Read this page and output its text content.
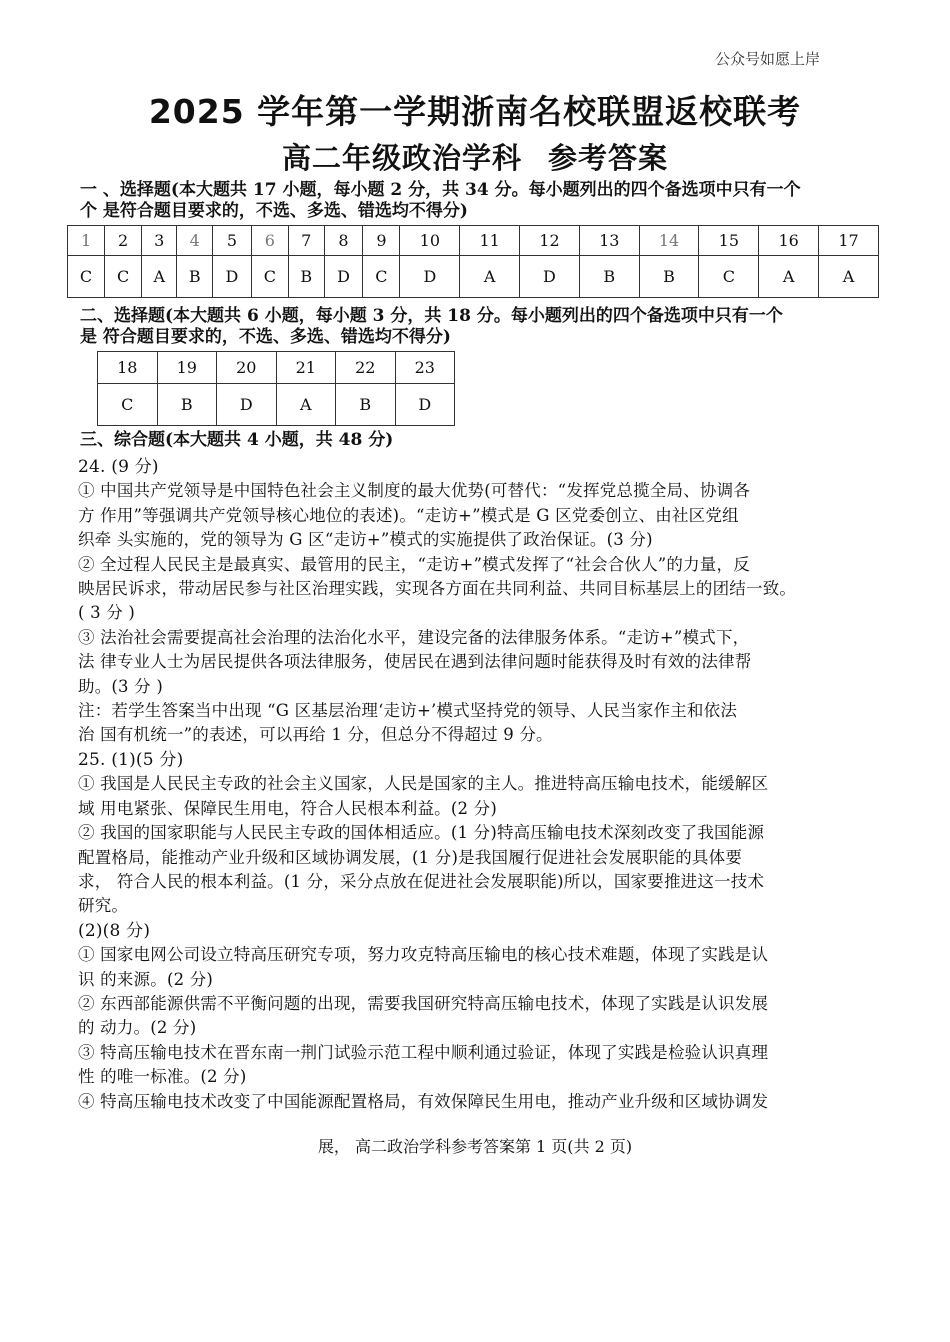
公众号如愿上岸
2025 学年第一学期浙南名校联盟返校联考
高二年级政治学科 参考答案
一 、选择题(本大题共 17 小题，每小题 2 分，共 34 分。每小题列出的四个备选项中只有一个
个 是符合题目要求的，不选、多选、错选均不得分)
1	2	3	4	5	6	7	8	9	10	11	12	13	14	15	16	17
C	C	A	B	D	C	B	D	C	D	A	D	B	B	C	A	A
二、选择题(本大题共 6 小题，每小题 3 分，共 18 分。每小题列出的四个备选项中只有一个
是 符合题目要求的，不选、多选、错选均不得分)
18	19	20	21	22	23
C	B	D	A	B	D
三、综合题(本大题共 4 小题，共 48 分)

24. (9 分)

① 中国共产党领导是中国特色社会主义制度的最大优势(可替代：“发挥党总揽全局、协调各

方 作用”等强调共产党领导核心地位的表述)。“走访+”模式是 G 区党委创立、由社区党组

织牵 头实施的，党的领导为 G 区“走访+”模式的实施提供了政治保证。(3 分)

② 全过程人民民主是最真实、最管用的民主，“走访+”模式发挥了“社会合伙人”的力量，反

映居民诉求，带动居民参与社区治理实践，实现各方面在共同利益、共同目标基层上的团结一致。

( 3 分 )

③ 法治社会需要提高社会治理的法治化水平，建设完备的法律服务体系。“走访+”模式下，

法 律专业人士为居民提供各项法律服务，使居民在遇到法律问题时能获得及时有效的法律帮

助。(3 分 )

注：若学生答案当中出现 “G 区基层治理‘走访+’模式坚持党的领导、人民当家作主和依法

治 国有机统一”的表述，可以再给 1 分，但总分不得超过 9 分。

25. (1)(5 分)

① 我国是人民民主专政的社会主义国家，人民是国家的主人。推进特高压输电技术，能缓解区

域 用电紧张、保障民生用电，符合人民根本利益。(2 分)

② 我国的国家职能与人民民主专政的国体相适应。(1 分)特高压输电技术深刻改变了我国能源

配置格局，能推动产业升级和区域协调发展，(1 分)是我国履行促进社会发展职能的具体要

求， 符合人民的根本利益。(1 分，采分点放在促进社会发展职能)所以，国家要推进这一技术

研究。

(2)(8 分)

① 国家电网公司设立特高压研究专项，努力攻克特高压输电的核心技术难题，体现了实践是认

识 的来源。(2 分)

② 东西部能源供需不平衡问题的出现，需要我国研究特高压输电技术，体现了实践是认识发展

的 动力。(2 分)

③ 特高压输电技术在晋东南一荆门试验示范工程中顺利通过验证，体现了实践是检验认识真理

性 的唯一标准。(2 分)

④ 特高压输电技术改变了中国能源配置格局，有效保障民生用电，推动产业升级和区域协调发

展， 高二政治学科参考答案第 1 页(共 2 页)
